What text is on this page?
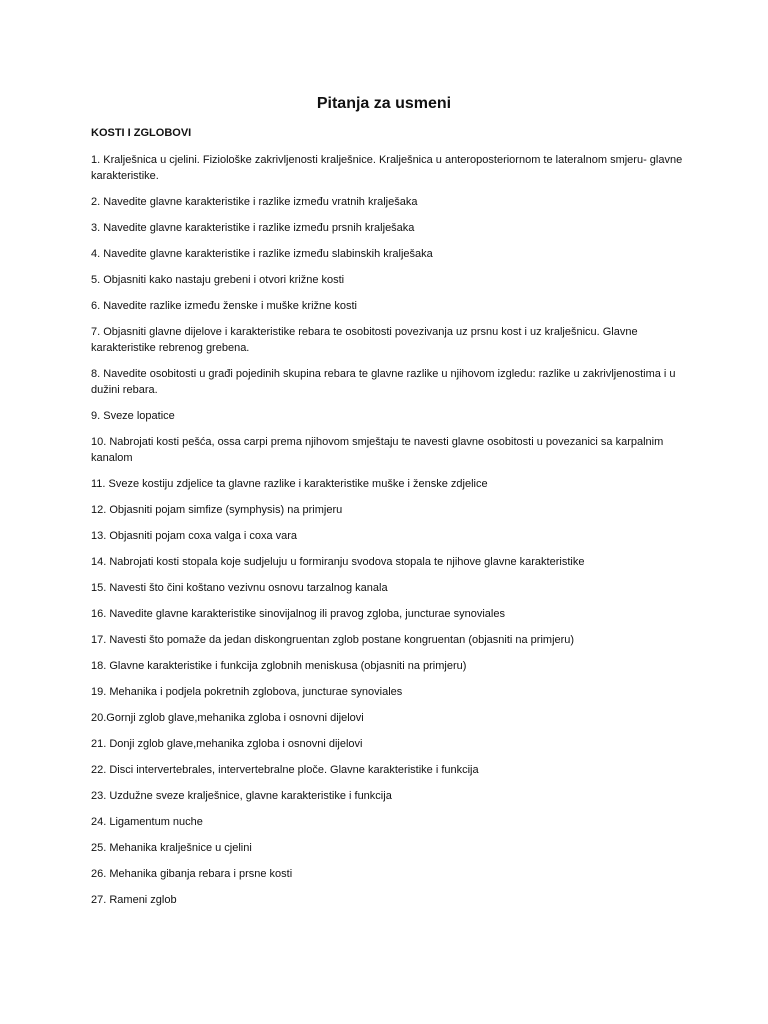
Pitanja za usmeni
KOSTI I ZGLOBOVI
1. Kralješnica u cjelini. Fiziološke zakrivljenosti kralješnice. Kralješnica u anteroposteriornom te lateralnom smjeru- glavne karakteristike.
2. Navedite glavne karakteristike i razlike između vratnih kralješaka
3. Navedite glavne karakteristike i razlike između prsnih kralješaka
4. Navedite glavne karakteristike i razlike između slabinskih kralješaka
5. Objasniti kako nastaju grebeni i otvori križne kosti
6. Navedite razlike između ženske i muške križne kosti
7. Objasniti glavne dijelove i karakteristike rebara te osobitosti povezivanja uz prsnu kost i uz kralješnicu. Glavne karakteristike rebrenog grebena.
8. Navedite osobitosti u građi pojedinih skupina rebara te glavne razlike u njihovom izgledu: razlike u zakrivljenostima i u dužini rebara.
9. Sveze lopatice
10. Nabrojati kosti pešća, ossa carpi prema njihovom smještaju te navesti glavne osobitosti u povezanici sa karpalnim kanalom
11. Sveze kostiju zdjelice ta glavne razlike i karakteristike muške i ženske zdjelice
12. Objasniti pojam simfize (symphysis) na primjeru
13. Objasniti pojam coxa valga i coxa vara
14. Nabrojati kosti stopala koje sudjeluju u formiranju svodova stopala te njihove glavne karakteristike
15. Navesti što čini koštano vezivnu osnovu tarzalnog kanala
16. Navedite glavne karakteristike sinovijalnog ili pravog zgloba, juncturae synoviales
17. Navesti što pomaže da jedan diskongruentan zglob postane kongruentan (objasniti na primjeru)
18. Glavne karakteristike i funkcija zglobnih meniskusa (objasniti na primjeru)
19. Mehanika i podjela pokretnih zglobova, juncturae synoviales
20.Gornji zglob glave,mehanika zgloba i osnovni dijelovi
21. Donji zglob glave,mehanika zgloba i osnovni dijelovi
22. Disci intervertebrales, intervertebralne ploče. Glavne karakteristike i funkcija
23. Uzdužne sveze kralješnice, glavne karakteristike i funkcija
24. Ligamentum nuche
25. Mehanika kralješnice u cjelini
26. Mehanika gibanja rebara i prsne kosti
27. Rameni zglob
